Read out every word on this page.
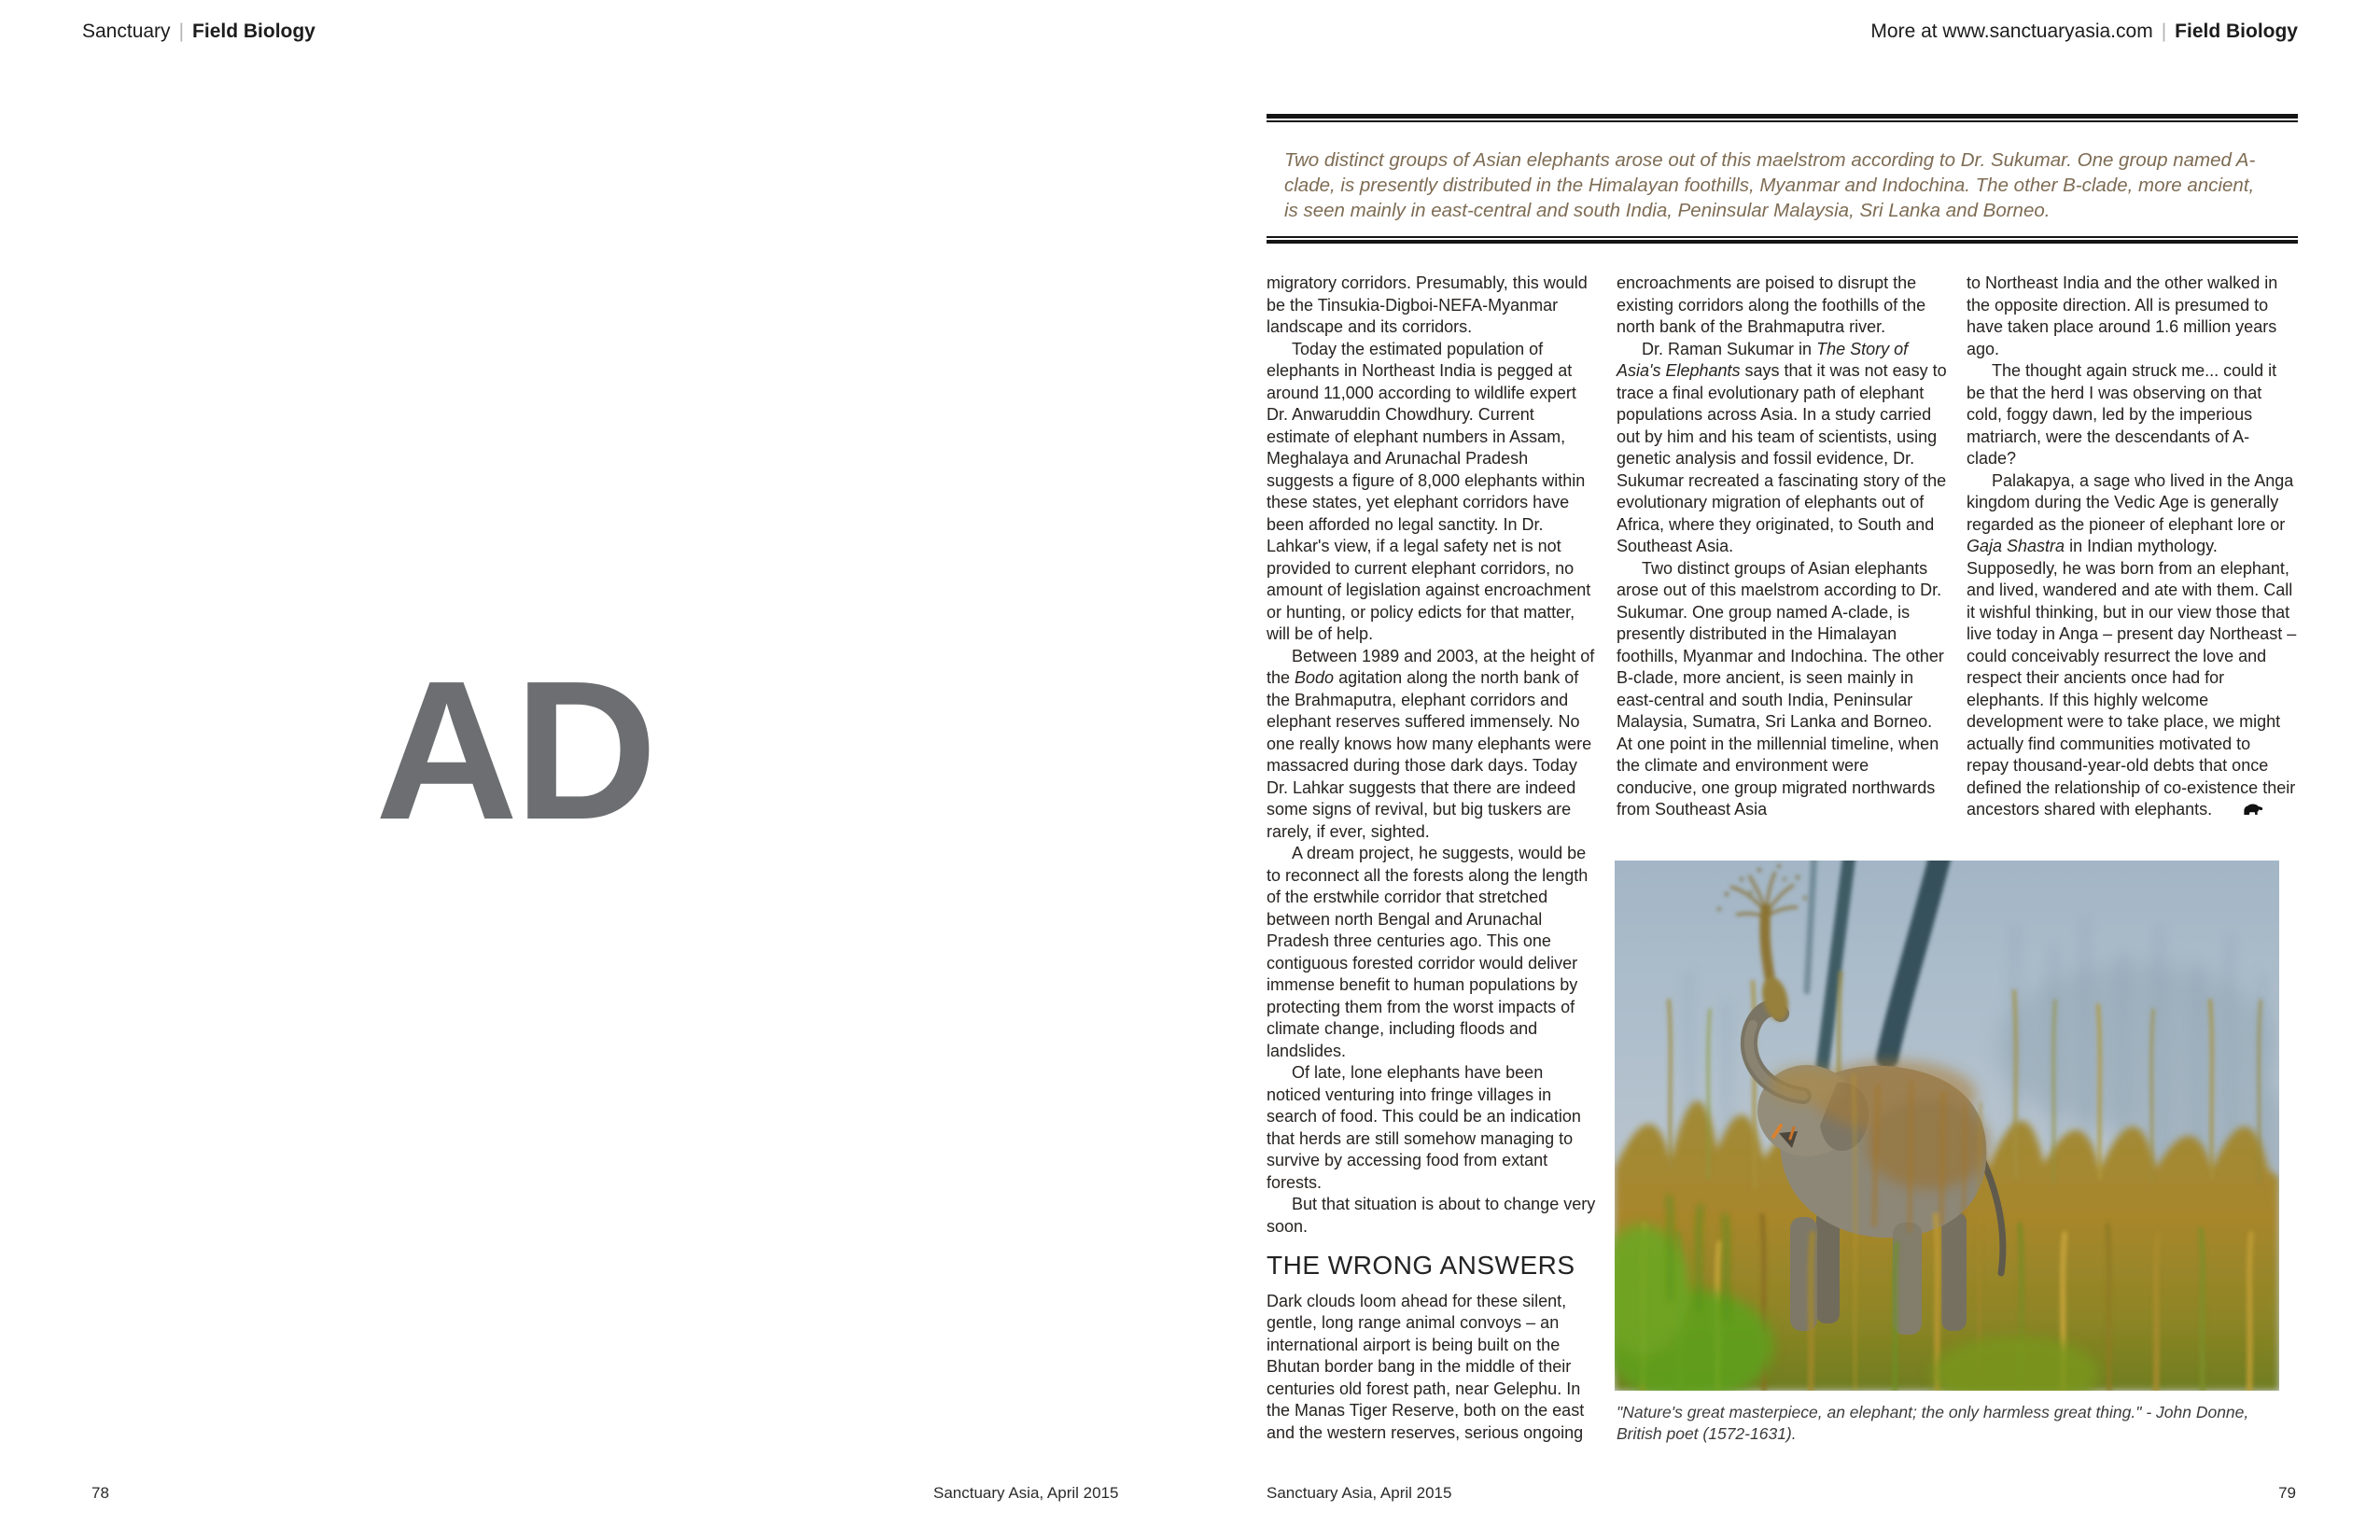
Sanctuary | Field Biology
AD
78	Sanctuary Asia, April 2015
More at www.sanctuaryasia.com | Field Biology
Two distinct groups of Asian elephants arose out of this maelstrom according to Dr. Sukumar. One group named A-clade, is presently distributed in the Himalayan foothills, Myanmar and Indochina. The other B-clade, more ancient, is seen mainly in east-central and south India, Peninsular Malaysia, Sri Lanka and Borneo.

migratory corridors. Presumably, this would be the Tinsukia-Digboi-NEFA-Myanmar landscape and its corridors.

Today the estimated population of elephants in Northeast India is pegged at around 11,000 according to wildlife expert Dr. Anwaruddin Chowdhury. Current estimate of elephant numbers in Assam, Meghalaya and Arunachal Pradesh suggests a figure of 8,000 elephants within these states, yet elephant corridors have been afforded no legal sanctity. In Dr. Lahkar's view, if a legal safety net is not provided to current elephant corridors, no amount of legislation against encroachment or hunting, or policy edicts for that matter, will be of help.

Between 1989 and 2003, at the height of the Bodo agitation along the north bank of the Brahmaputra, elephant corridors and elephant reserves suffered immensely. No one really knows how many elephants were massacred during those dark days. Today Dr. Lahkar suggests that there are indeed some signs of revival, but big tuskers are rarely, if ever, sighted.

A dream project, he suggests, would be to reconnect all the forests along the length of the erstwhile corridor that stretched between north Bengal and Arunachal Pradesh three centuries ago. This one contiguous forested corridor would deliver immense benefit to human populations by protecting them from the worst impacts of climate change, including floods and landslides.

Of late, lone elephants have been noticed venturing into fringe villages in search of food. This could be an indication that herds are still somehow managing to survive by accessing food from extant forests.

But that situation is about to change very soon.

THE WRONG ANSWERS

Dark clouds loom ahead for these silent, gentle, long range animal convoys – an international airport is being built on the Bhutan border bang in the middle of their centuries old forest path, near Gelephu. In the Manas Tiger Reserve, both on the east and the western reserves, serious ongoing

encroachments are poised to disrupt the existing corridors along the foothills of the north bank of the Brahmaputra river.

Dr. Raman Sukumar in The Story of Asia's Elephants says that it was not easy to trace a final evolutionary path of elephant populations across Asia. In a study carried out by him and his team of scientists, using genetic analysis and fossil evidence, Dr. Sukumar recreated a fascinating story of the evolutionary migration of elephants out of Africa, where they originated, to South and Southeast Asia.

Two distinct groups of Asian elephants arose out of this maelstrom according to Dr. Sukumar. One group named A-clade, is presently distributed in the Himalayan foothills, Myanmar and Indochina. The other B-clade, more ancient, is seen mainly in east-central and south India, Peninsular Malaysia, Sumatra, Sri Lanka and Borneo. At one point in the millennial timeline, when the climate and environment were conducive, one group migrated northwards from Southeast Asia

to Northeast India and the other walked in the opposite direction. All is presumed to have taken place around 1.6 million years ago.

The thought again struck me... could it be that the herd I was observing on that cold, foggy dawn, led by the imperious matriarch, were the descendants of A-clade?

Palakapya, a sage who lived in the Anga kingdom during the Vedic Age is generally regarded as the pioneer of elephant lore or Gaja Shastra in Indian mythology. Supposedly, he was born from an elephant, and lived, wandered and ate with them. Call it wishful thinking, but in our view those that live today in Anga – present day Northeast – could conceivably resurrect the love and respect their ancients once had for elephants. If this highly welcome development were to take place, we might actually find communities motivated to repay thousand-year-old debts that once defined the relationship of co-existence their ancestors shared with elephants.

"Nature's great masterpiece, an elephant; the only harmless great thing." - John Donne, British poet (1572-1631).
Sanctuary Asia, April 2015	79
